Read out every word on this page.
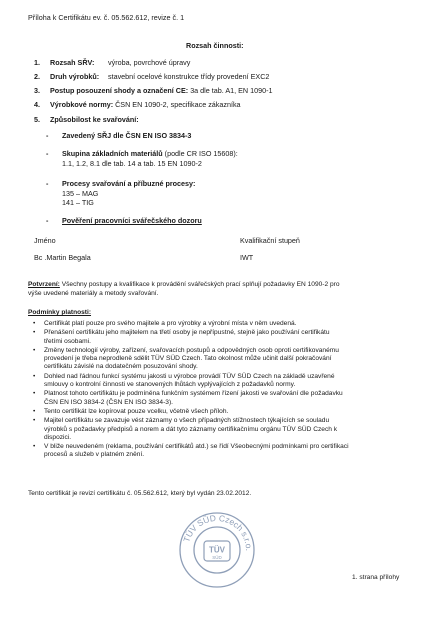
Příloha k Certifikátu ev. č. 05.562.612, revize č. 1
Rozsah činnosti:
1. Rozsah SŘV: výroba, povrchové úpravy
2. Druh výrobků: stavební ocelové konstrukce třídy provedení EXC2
3. Postup posouzení shody a označení CE: 3a dle tab. A1, EN 1090-1
4. Výrobkové normy: ČSN EN 1090-2, specifikace zákazníka
5. Způsobilost ke svařování:
- Zavedený SŘJ dle ČSN EN ISO 3834-3
- Skupina základních materiálů (podle CR ISO 15608):
1.1, 1.2, 8.1 dle tab. 14 a tab. 15 EN 1090-2
- Procesy svařování a příbuzné procesy:
135 – MAG
141 – TIG
- Pověření pracovníci svářečského dozoru
Jméno	Kvalifikační stupeň
Bc .Martin Begala	IWT
Potvrzení: Všechny postupy a kvalifikace k provádění svářečských prací splňují požadavky EN 1090-2 pro
výše uvedené materiály a metody svařování.
Podmínky platnosti:
• Certifikát platí pouze pro svého majitele a pro výrobky a výrobní místa v něm uvedená.
• Přenášení certifikátu jeho majitelem na třetí osoby je nepřípustné, stejně jako používání certifikátu
třetími osobami.
• Změny technologií výroby, zařízení, svařovacích postupů a odpovědných osob oproti certifikovanému
provedení je třeba neprodleně sdělit TÜV SÜD Czech. Tato okolnost může učinit další pokračování
certifikátu závislé na dodatečném posuzování shody.
• Dohled nad řádnou funkcí systému jakosti u výrobce provádí TÜV SÜD Czech na základě uzavřené
smlouvy o kontrolní činnosti ve stanovených lhůtách vyplývajících z požadavků normy.
• Platnost tohoto certifikátu je podmíněna funkčním systémem řízení jakosti ve svařování dle požadavku
ČSN EN ISO 3834-2 (ČSN EN ISO 3834-3).
• Tento certifikát lze kopírovat pouze vcelku, včetně všech příloh.
• Majitel certifikátu se zavazuje vést záznamy o všech případných stížnostech týkajících se souladu
výrobků s požadavky předpisů a norem a dát tyto záznamy certifikačnímu orgánu TÜV SÜD Czech k
dispozici.
• V bliže neuvedeném (reklama, používání certifikátů atd.) se řídí Všeobecnými podmínkami pro certifikaci
procesů a služeb v platném znění.
Tento certifikát je revizí certifikátu č. 05.562.612, který byl vydán 23.02.2012.
TÜV SÜD Czech s.r.o.
TÜV
SÜD
1. strana přílohy
